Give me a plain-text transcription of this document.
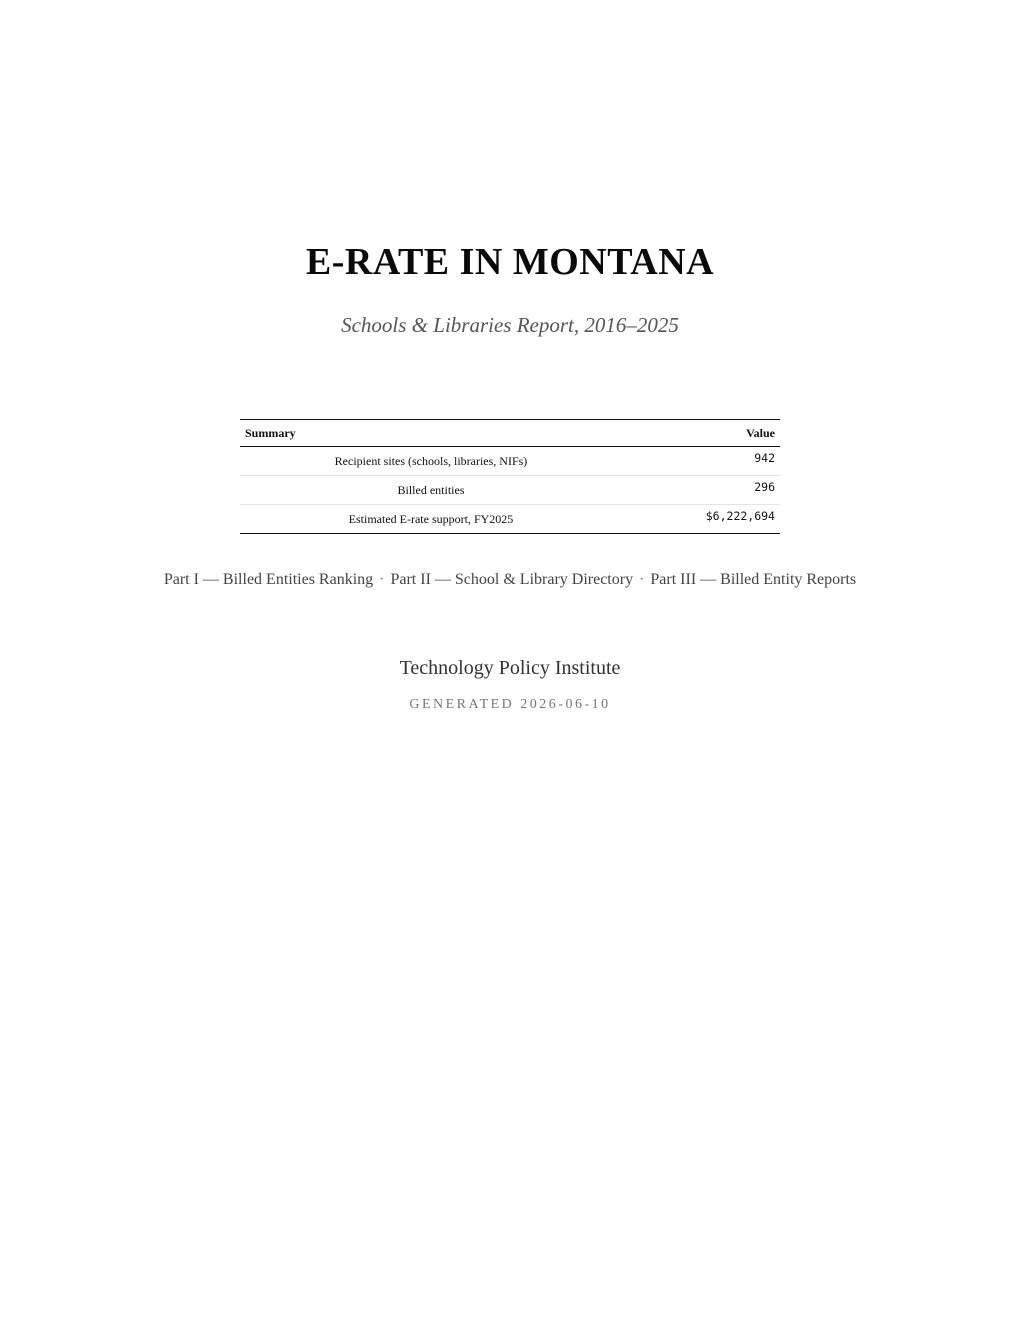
E-RATE IN MONTANA
Schools & Libraries Report, 2016–2025
Summary	Value
Recipient sites (schools, libraries, NIFs)	942
Billed entities	296
Estimated E-rate support, FY2025	$6,222,694
Part I — Billed Entities Ranking · Part II — School & Library Directory · Part III — Billed Entity Reports
Technology Policy Institute
GENERATED 2026-06-10
